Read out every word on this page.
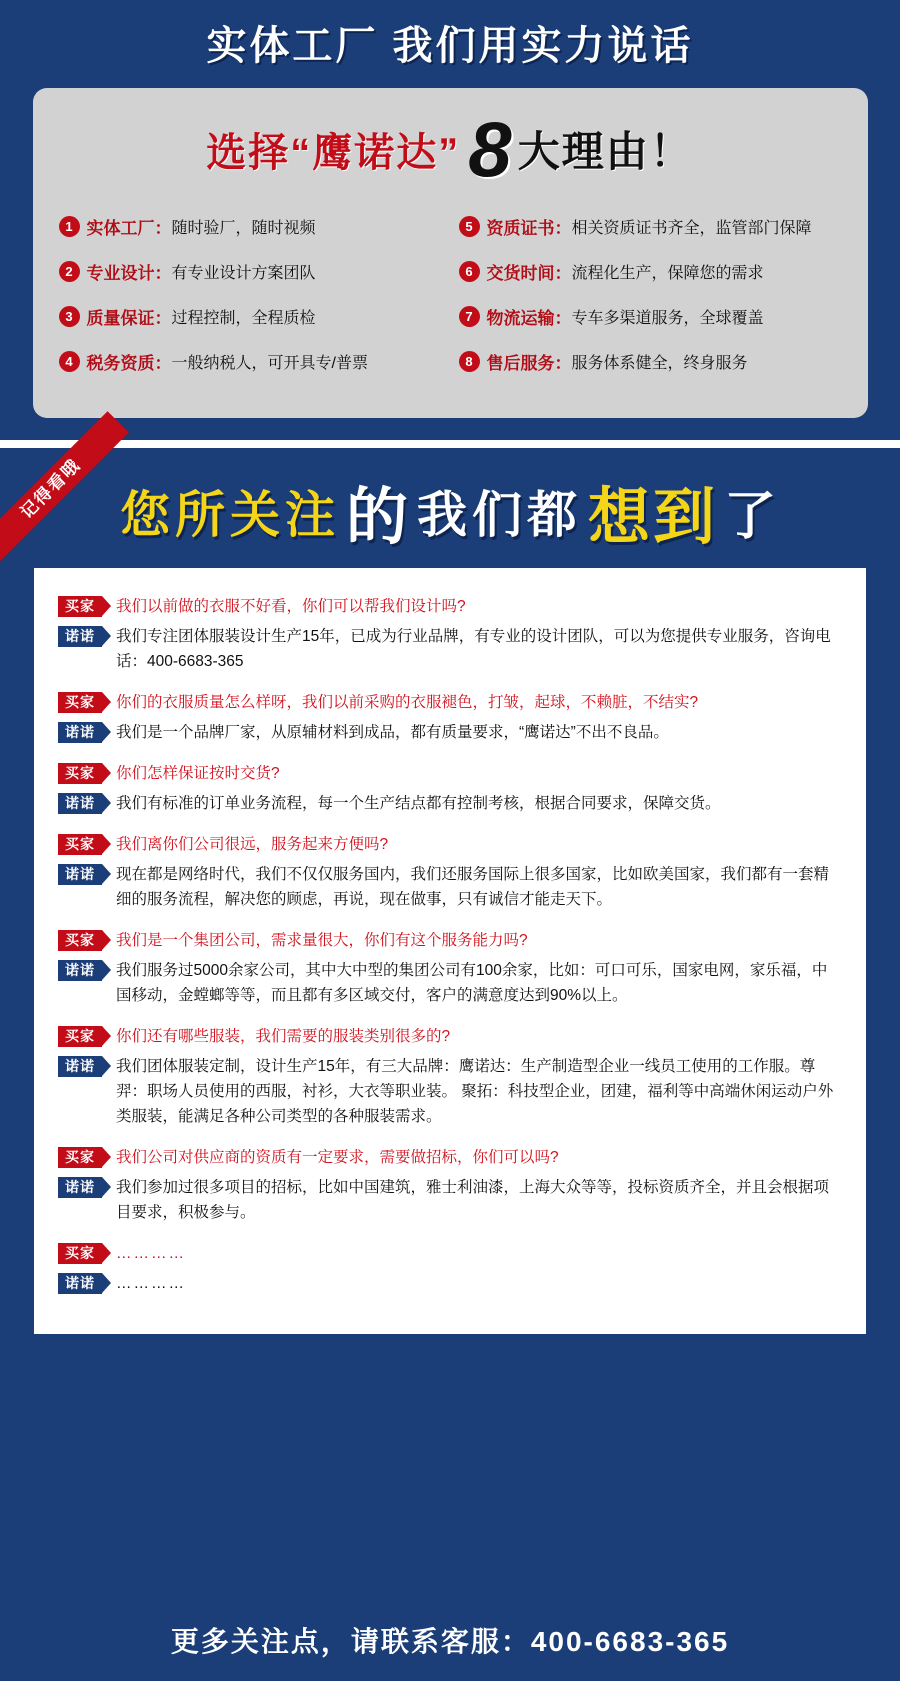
实体工厂 我们用实力说话
选择“鹰诺达” 8 大理由！
1 实体工厂： 随时验厂，随时视频	5 资质证书： 相关资质证书齐全，监管部门保障
2 专业设计： 有专业设计方案团队	6 交货时间： 流程化生产，保障您的需求
3 质量保证： 过程控制，全程质检	7 物流运输： 专车多渠道服务，全球覆盖
4 税务资质： 一般纳税人，可开具专/普票	8 售后服务： 服务体系健全，终身服务
记得看哦 您所关注 的 我们都 想到 了
买家	我们以前做的衣服不好看，你们可以帮我们设计吗?
诺诺	我们专注团体服装设计生产15年，已成为行业品牌，有专业的设计团队，可以为您提供专业服务，咨询电话：400-6683-365
买家	你们的衣服质量怎么样呀，我们以前采购的衣服褪色，打皱，起球，不赖脏，不结实?
诺诺	我们是一个品牌厂家，从原辅材料到成品，都有质量要求，“鹰诺达”不出不良品。
买家	你们怎样保证按时交货?
诺诺	我们有标准的订单业务流程，每一个生产结点都有控制考核，根据合同要求，保障交货。
买家	我们离你们公司很远，服务起来方便吗?
诺诺	现在都是网络时代，我们不仅仅服务国内，我们还服务国际上很多国家，比如欧美国家，我们都有一套精细的服务流程，解决您的顾虑，再说，现在做事，只有诚信才能走天下。
买家	我们是一个集团公司，需求量很大，你们有这个服务能力吗?
诺诺	我们服务过5000余家公司，其中大中型的集团公司有100余家，比如：可口可乐，国家电网，家乐福，中国移动，金螳螂等等，而且都有多区域交付，客户的满意度达到90%以上。
买家	你们还有哪些服装，我们需要的服装类别很多的?
诺诺	我们团体服装定制，设计生产15年，有三大品牌：鹰诺达：生产制造型企业一线员工使用的工作服。尊羿：职场人员使用的西服，衬衫，大衣等职业装。 聚拓：科技型企业，团建，福利等中高端休闲运动户外类服装，能满足各种公司类型的各种服装需求。
买家	我们公司对供应商的资质有一定要求，需要做招标，你们可以吗?
诺诺	我们参加过很多项目的招标，比如中国建筑，雅士利油漆，上海大众等等，投标资质齐全，并且会根据项目要求，积极参与。
买家	…………
诺诺	…………
更多关注点，请联系客服：400-6683-365
